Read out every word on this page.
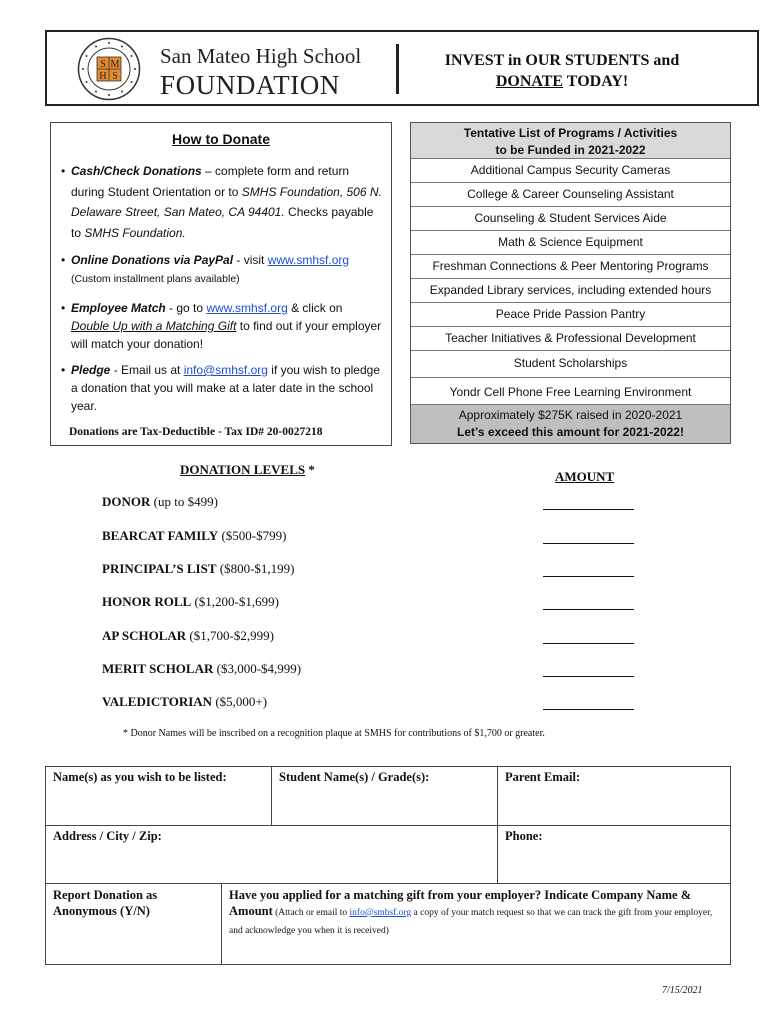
S M
H S
San Mateo High School
FOUNDATION
INVEST in OUR STUDENTS and
DONATE TODAY!
How to Donate
• Cash/Check Donations – complete form and return during Student Orientation or to SMHS Foundation, 506 N. Delaware Street, San Mateo, CA 94401. Checks payable to SMHS Foundation.
• Online Donations via PayPal - visit www.smhsf.org
(Custom installment plans available)
• Employee Match - go to www.smhsf.org & click on Double Up with a Matching Gift to find out if your employer will match your donation!
• Pledge - Email us at info@smhsf.org if you wish to pledge a donation that you will make at a later date in the school year.
Donations are Tax-Deductible - Tax ID# 20-0027218
Tentative List of Programs / Activities
to be Funded in 2021-2022
Additional Campus Security Cameras
College & Career Counseling Assistant
Counseling & Student Services Aide
Math & Science Equipment
Freshman Connections & Peer Mentoring Programs
Expanded Library services, including extended hours
Peace Pride Passion Pantry
Teacher Initiatives & Professional Development
Student Scholarships
Yondr Cell Phone Free Learning Environment
Approximately $275K raised in 2020-2021
Let’s exceed this amount for 2021-2022!
DONATION LEVELS *	AMOUNT
DONOR (up to $499)
BEARCAT FAMILY ($500-$799)
PRINCIPAL’S LIST ($800-$1,199)
HONOR ROLL ($1,200-$1,699)
AP SCHOLAR ($1,700-$2,999)
MERIT SCHOLAR ($3,000-$4,999)
VALEDICTORIAN ($5,000+)
* Donor Names will be inscribed on a recognition plaque at SMHS for contributions of $1,700 or greater.
Name(s) as you wish to be listed:	Student Name(s) / Grade(s):	Parent Email:
Address / City / Zip:	Phone:
Report Donation as
Anonymous (Y/N)
Have you applied for a matching gift from your employer? Indicate Company Name & Amount (Attach or email to info@smhsf.org a copy of your match request so that we can track the gift from your employer, and acknowledge you when it is received)
7/15/2021
